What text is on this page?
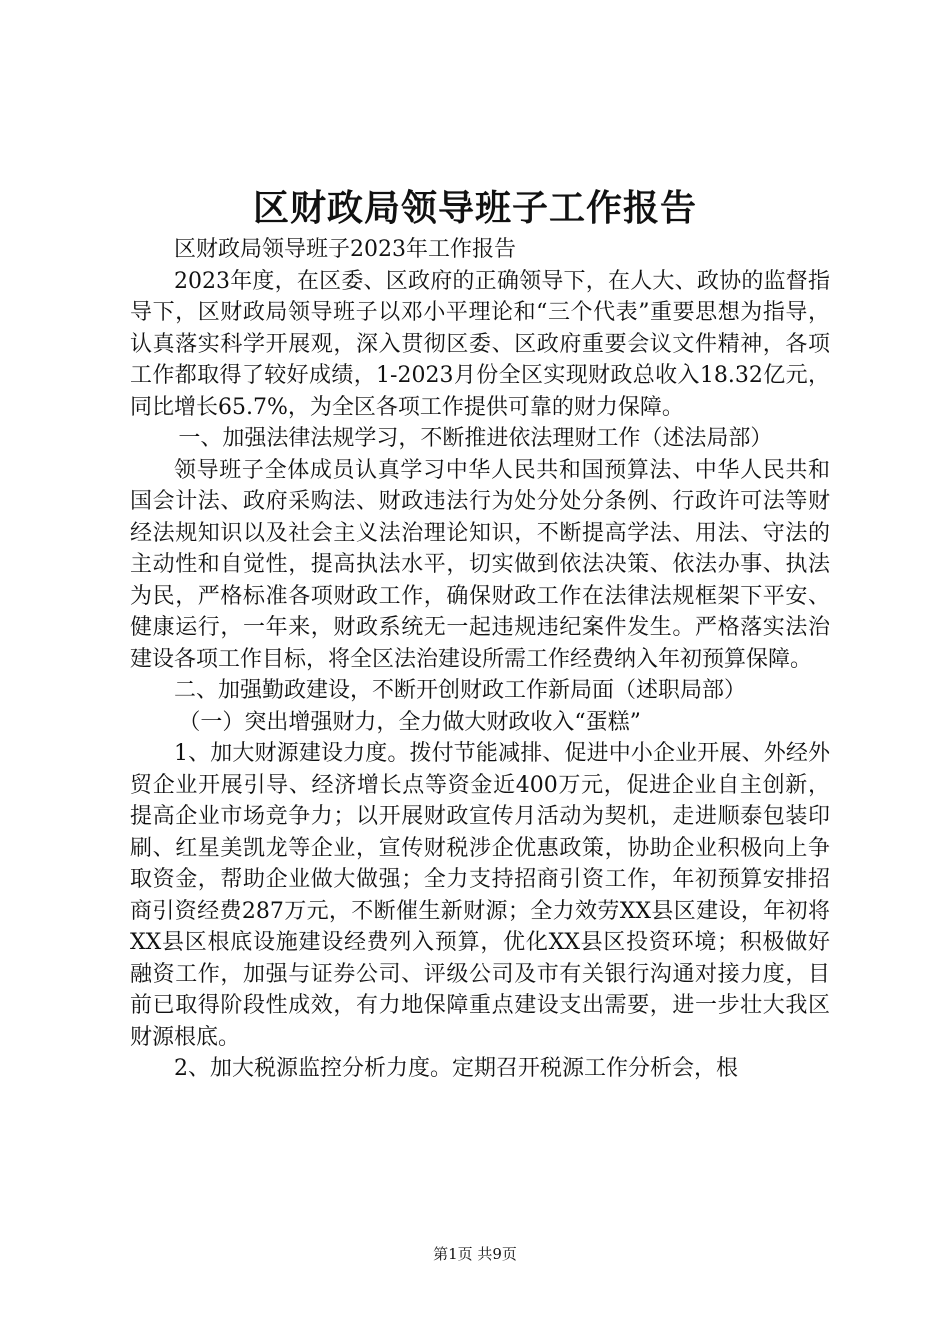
区财政局领导班子工作报告

区财政局领导班子2023年工作报告

2023年度，在区委、区政府的正确领导下，在人大、政协的监督指导下，区财政局领导班子以邓小平理论和“三个代表”重要思想为指导，认真落实科学开展观，深入贯彻区委、区政府重要会议文件精神，各项工作都取得了较好成绩，1-2023月份全区实现财政总收入18.32亿元，同比增长65.7%，为全区各项工作提供可靠的财力保障。

一、加强法律法规学习，不断推进依法理财工作（述法局部）

领导班子全体成员认真学习中华人民共和国预算法、中华人民共和国会计法、政府采购法、财政违法行为处分处分条例、行政许可法等财经法规知识以及社会主义法治理论知识，不断提高学法、用法、守法的主动性和自觉性，提高执法水平，切实做到依法决策、依法办事、执法为民，严格标准各项财政工作，确保财政工作在法律法规框架下平安、健康运行，一年来，财政系统无一起违规违纪案件发生。严格落实法治建设各项工作目标，将全区法治建设所需工作经费纳入年初预算保障。

二、加强勤政建设，不断开创财政工作新局面（述职局部）

（一）突出增强财力，全力做大财政收入“蛋糕”

1、加大财源建设力度。拨付节能减排、促进中小企业开展、外经外贸企业开展引导、经济增长点等资金近400万元，促进企业自主创新，提高企业市场竞争力；以开展财政宣传月活动为契机，走进顺泰包装印刷、红星美凯龙等企业，宣传财税涉企优惠政策，协助企业积极向上争取资金，帮助企业做大做强；全力支持招商引资工作，年初预算安排招商引资经费287万元，不断催生新财源；全力效劳XX县区建设，年初将XX县区根底设施建设经费列入预算，优化XX县区投资环境；积极做好融资工作，加强与证券公司、评级公司及市有关银行沟通对接力度，目前已取得阶段性成效，有力地保障重点建设支出需要，进一步壮大我区财源根底。

2、加大税源监控分析力度。定期召开税源工作分析会，根

第1页 共9页
